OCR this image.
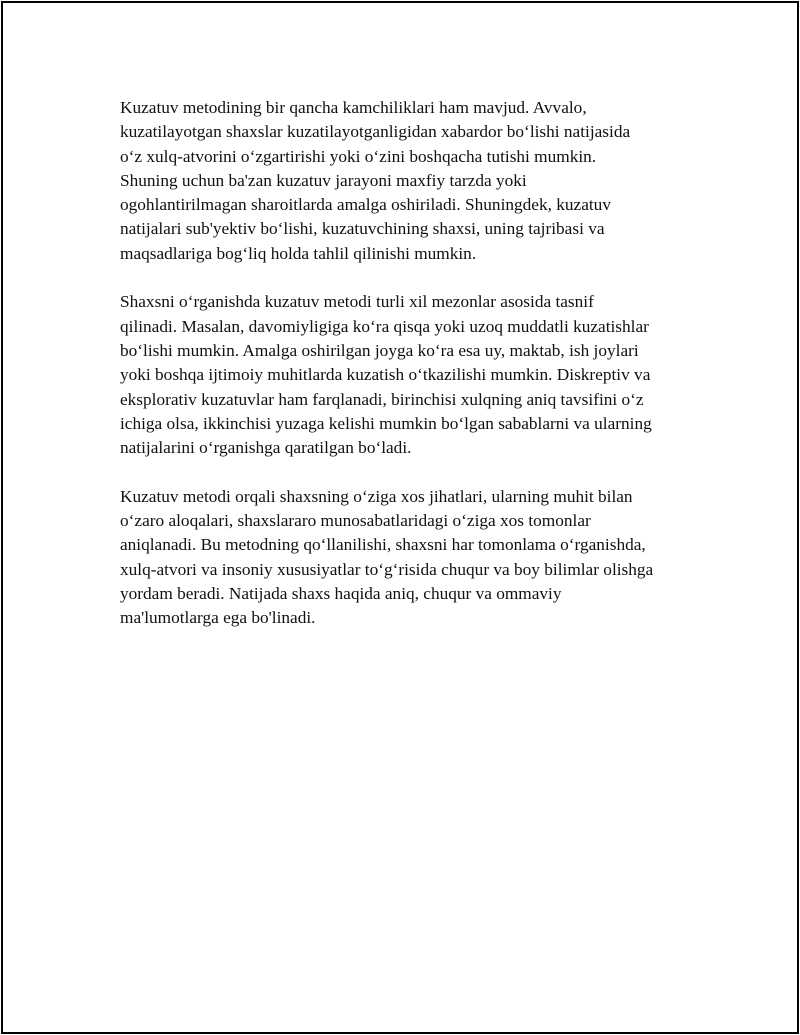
Kuzatuv metodining bir qancha kamchiliklari ham mavjud. Avvalo,
kuzatilayotgan shaxslar kuzatilayotganligidan xabardor bo‘lishi natijasida
o‘z xulq-atvorini o‘zgartirishi yoki o‘zini boshqacha tutishi mumkin.
Shuning uchun ba'zan kuzatuv jarayoni maxfiy tarzda yoki
ogohlantirilmagan sharoitlarda amalga oshiriladi. Shuningdek, kuzatuv
natijalari sub'yektiv bo‘lishi, kuzatuvchining shaxsi, uning tajribasi va
maqsadlariga bog‘liq holda tahlil qilinishi mumkin.

Shaxsni o‘rganishda kuzatuv metodi turli xil mezonlar asosida tasnif
qilinadi. Masalan, davomiyligiga ko‘ra qisqa yoki uzoq muddatli kuzatishlar
bo‘lishi mumkin. Amalga oshirilgan joyga ko‘ra esa uy, maktab, ish joylari
yoki boshqa ijtimoiy muhitlarda kuzatish o‘tkazilishi mumkin. Diskreptiv va
eksplorativ kuzatuvlar ham farqlanadi, birinchisi xulqning aniq tavsifini o‘z
ichiga olsa, ikkinchisi yuzaga kelishi mumkin bo‘lgan sabablarni va ularning
natijalarini o‘rganishga qaratilgan bo‘ladi.

Kuzatuv metodi orqali shaxsning o‘ziga xos jihatlari, ularning muhit bilan
o‘zaro aloqalari, shaxslararo munosabatlaridagi o‘ziga xos tomonlar
aniqlanadi. Bu metodning qo‘llanilishi, shaxsni har tomonlama o‘rganishda,
xulq-atvori va insoniy xususiyatlar to‘g‘risida chuqur va boy bilimlar olishga
yordam beradi. Natijada shaxs haqida aniq, chuqur va ommaviy
ma'lumotlarga ega bo'linadi.
